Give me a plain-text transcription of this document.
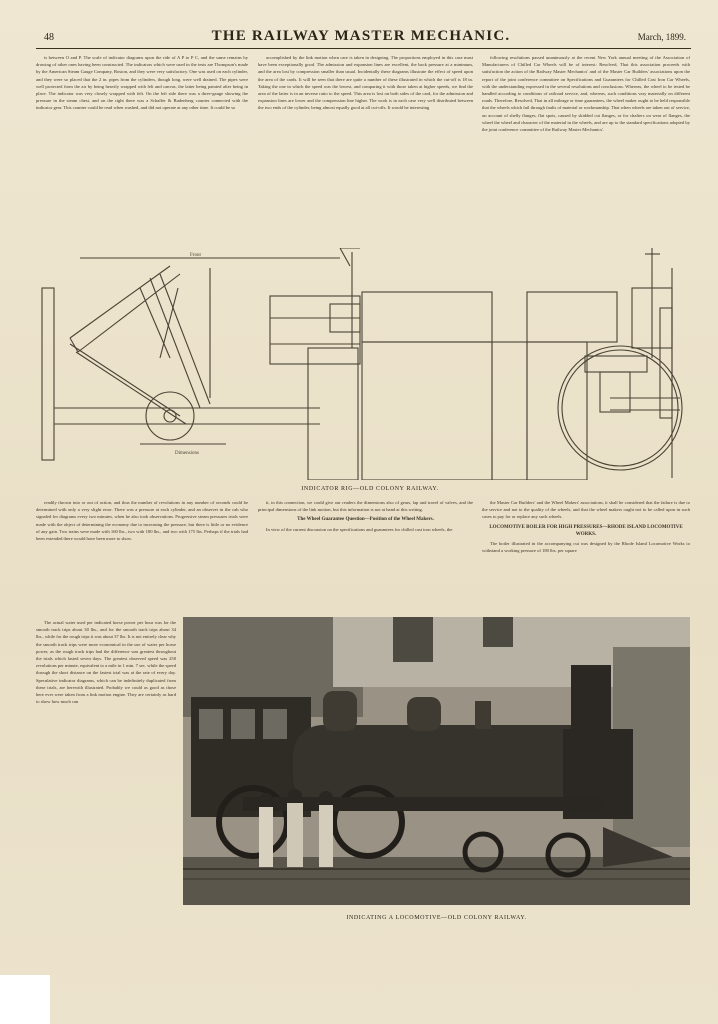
48	THE RAILWAY MASTER MECHANIC.	March, 1899.

is between O and P. The scale of indicator diagrams upon the ride of A P to P C, and the same remains by drawing of other ones having been constructed. The indicators which were used in the tests are Thompson's made by the American Steam Gauge Company, Boston, and they were very satisfactory. One was used on each cylinder, and they were so placed that the 2 in. pipes from the cylinders, though long, were well drained. The pipes were well protected from the air by being heavily wrapped with felt and canvas, the latter being painted after being in place. The indicator was very closely wrapped with felt. On the left side there was a three-gauge showing the pressure in the steam chest, and on the right there was a Schaffer & Budenberg counter connected with the indicator gear. This counter could be read when washed, and did not operate at any other time. It could be so

accomplished by the link motion when care is taken in designing. The proportions employed in this case must have been exceptionally good. The admission and expansion lines are excellent, the back pressure at a minimum, and the area lost by compression smaller than usual. Incidentally these diagrams illustrate the effect of speed upon the area of the cards. It will be seen that there are quite a number of these illustrated in which the cut-off is 18 in. Taking the one in which the speed was the lowest, and comparing it with those taken at higher speeds, we find the area of the latter is in an inverse ratio to the speed. This area is lost on both sides of the card, for the admission and expansion lines are lower and the compression line higher. The work is in each case very well distributed between the two ends of the cylinder, being almost equally good at all cut-offs. It would be interesting

following resolutions passed unanimously at the recent New York annual meeting of the Association of Manufacturers of Chilled Car Wheels will be of interest: Resolved, That this association proceeds with satisfaction the action of the Railway Master Mechanics' and of the Master Car Builders' associations upon the report of the joint conference committee on Specifications and Guarantees for Chilled Cast Iron Car Wheels, with the understanding expressed in the several resolutions and conclusions. Whereas, the wheel to be tested be handled according to conditions of railroad service, and, whereas, such conditions vary materially on different roads. Therefore, Resolved, That in all mileage or time guarantees, the wheel maker ought to be held responsible that the wheels which fail through faults of material or workmanship. That when wheels are taken out of service, on account of shelly flanges, flat spots, caused by skidded cut flanges, or for chafters on wear of flanges, the wheel the wheel and character of the material in the wheels, and are up to the standard specifications adopted by the joint conference committee of the Railway Master Mechanics'.

Front
Dimensions
INDICATOR RIG—OLD COLONY RAILWAY.

readily thrown into or out of action, and thus the number of revolutions in any number of seconds could be determined with only a very slight error. There was a pressure at each cylinder, and an observer in the cab who signaled for diagrams every two minutes, when he also took observations. Progressive steam pressures trials were made with the object of determining the economy due to increasing the pressure, but there is little or no evidence of any gain. Two trains were made with 160 lbs., two with 180 lbs., and two with 175 lbs. Perhaps if the trials had been extended there would have been more to show.

it, in this connection, we could give our readers the dimensions also of gears, lap and travel of valves, and the principal dimensions of the link motion, but this information is not at hand at this writing.

The Wheel Guarantee Question—Position of the Wheel Makers.

In view of the current discussion on the specifications and guarantees for chilled cast iron wheels, the

the Master Car Builders' and the Wheel Makers' associations, it shall be considered that the failure is due to the service and not to the quality of the wheels, and that the wheel makers ought not to be called upon in such cases to pay for or replace any such wheels.

LOCOMOTIVE BOILER FOR HIGH PRESSURES—RHODE ISLAND LOCOMOTIVE WORKS.

The boiler illustrated in the accompanying cut was designed by the Rhode Island Locomotive Works to withstand a working pressure of 180 lbs. per square

The actual water used per indicated horse power per hour was for the smooth track trips about 30 lbs., and for the smooth track trips about 34 lbs., while for the rough trips it was about 37 lbs. It is not entirely clear why the smooth track trips were more economical in the use of water per horse power, as the rough track trips had the difference was greatest throughout the trials which lasted seven days. The greatest observed speed was 250 revolutions per minute, equivalent to a mile in 1 min. 7 sec. while the speed through the short distance on the fastest trial was at the rate of every day. Speculative indicator diagrams, which can be indefinitely duplicated from these trials, are herewith illustrated. Probably we could as good as those here ever were taken from a link motion engine. They are certainly as hard to show how much can

INDICATING A LOCOMOTIVE—OLD COLONY RAILWAY.
